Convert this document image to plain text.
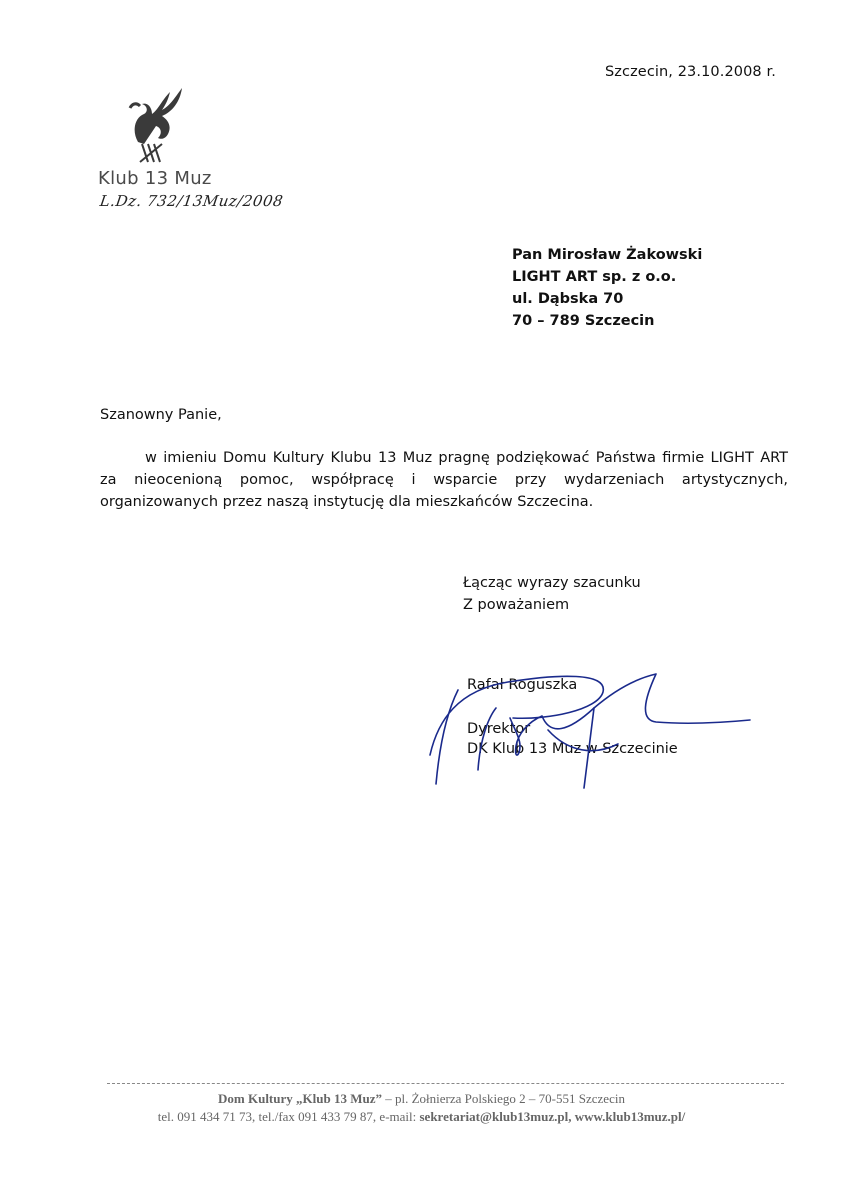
Szczecin, 23.10.2008 r.
Klub 13 Muz
L.Dz. 732/13Muz/2008
Pan Mirosław Żakowski
LIGHT ART sp. z o.o.
ul. Dąbska 70
70 – 789 Szczecin
Szanowny Panie,
w imieniu Domu Kultury Klubu 13 Muz pragnę podziękować Państwa firmie LIGHT ART za nieocenioną pomoc, współpracę i wsparcie przy wydarzeniach artystycznych, organizowanych przez naszą instytucję dla mieszkańców Szczecina.
Łącząc wyrazy szacunku
Z poważaniem
Rafał Roguszka
Dyrektor
DK Klub 13 Muz w Szczecinie
Dom Kultury „Klub 13 Muz” – pl. Żołnierza Polskiego 2 – 70-551 Szczecin
tel. 091 434 71 73, tel./fax 091 433 79 87, e-mail: sekretariat@klub13muz.pl, www.klub13muz.pl/
